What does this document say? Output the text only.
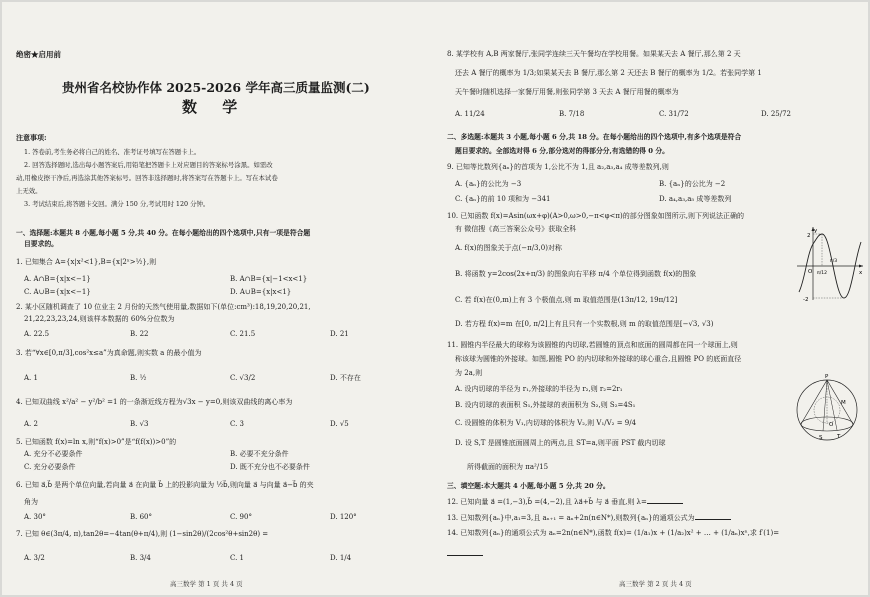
绝密★启用前
贵州省名校协作体 2025-2026 学年高三质量监测(二)
数 学
注意事项:
1. 答卷前,考生务必将自己的姓名、准考证号填写在答题卡上。
2. 回答选择题时,选出每小题答案后,用铅笔把答题卡上对应题目的答案标号涂黑。如需改
动,用橡皮擦干净后,再选涂其他答案标号。回答非选择题时,将答案写在答题卡上。写在本试卷
上无效。
3. 考试结束后,将答题卡交回。满分 150 分,考试用时 120 分钟。
一、选择题:本题共 8 小题,每小题 5 分,共 40 分。在每小题给出的四个选项中,只有一项是符合题
目要求的。
1. 已知集合 A={x|x²<1},B={x|2ˣ>½},则
A. A∩B={x|x<−1}	B. A∩B={x|−1<x<1}
C. A∪B={x|x<−1}	D. A∪B={x|x<1}
2. 某小区随机调查了 10 位业主 2 月份的天然气使用量,数据如下(单位:cm³):18,19,20,20,21,
21,22,23,23,24,则该样本数据的 60%分位数为
A. 22.5	B. 22	C. 21.5	D. 21
3. 若“∀x∈[0,π/3],cos²x≤a”为真命题,则实数 a 的最小值为
A. 1	B. ½	C. √3/2	D. 不存在
4. 已知双曲线 x²/a² − y²/b² =1 的一条渐近线方程为√3x − y=0,则该双曲线的离心率为
A. 2	B. √3	C. 3	D. √5
5. 已知函数 f(x)=ln x,则“f(x)>0”是“f(f(x))>0”的
A. 充分不必要条件	B. 必要不充分条件
C. 充分必要条件	D. 既不充分也不必要条件
6. 已知 a⃗,b⃗ 是两个单位向量,若向量 a⃗ 在向量 b⃗ 上的投影向量为 ½b⃗,则向量 a⃗ 与向量 a⃗−b⃗ 的夹
角为
A. 30°	B. 60°	C. 90°	D. 120°
7. 已知 θ∈(3π/4, π),tan2θ=−4tan(θ+π/4),则 (1−sin2θ)/(2cos²θ+sin2θ) =
A. 3/2	B. 3/4	C. 1	D. 1/4
高三数学 第 1 页 共 4 页
8. 某学校有 A,B 两家餐厅,张同学连续三天午餐均在学校用餐。如果某天去 A 餐厅,那么第 2 天
还去 A 餐厅的概率为 1/3;如果某天去 B 餐厅,那么第 2 天还去 B 餐厅的概率为 1/2。若张同学第 1
天午餐时随机选择一家餐厅用餐,则张同学第 3 天去 A 餐厅用餐的概率为
A. 11/24	B. 7/18	C. 31/72	D. 25/72
二、多选题:本题共 3 小题,每小题 6 分,共 18 分。在每小题给出的四个选项中,有多个选项是符合
题目要求的。全部选对得 6 分,部分选对的得部分分,有选错的得 0 分。
9. 已知等比数列{aₙ}的首项为 1,公比不为 1,且 a₂,a₃,a₄ 成等差数列,则
A. {aₙ}的公比为 −3	B. {aₙ}的公比为 −2
C. {aₙ}的前 10 项和为 −341	D. a₄,a₃,a₅ 成等差数列
10. 已知函数 f(x)=Asin(ωx+φ)(A>0,ω>0,−π<φ<π)的部分图象如图所示,则下列说法正确的
有 微信搜《高三答案公众号》获取全科
A. f(x)的图象关于点(−π/3,0)对称
B. 将函数 y=2cos(2x+π/3) 的图象向右平移 π/4 个单位得到函数 f(x)的图象
C. 若 f(x)在(0,m)上有 3 个极值点,则 m 取值范围是(13π/12, 19π/12]
D. 若方程 f(x)=m 在[0, π/2]上有且只有一个实数根,则 m 的取值范围是[−√3, √3)
y
x
2
-2
O π/12
π/3
11. 圆锥内半径最大的球称为该圆锥的内切球,若圆锥的顶点和底面的圆周都在同一个球面上,则
称该球为圆锥的外接球。如图,圆锥 PO 的内切球和外接球的球心重合,且圆锥 PO 的底面直径
为 2a,则
A. 设内切球的半径为 r₁,外接球的半径为 r₂,则 r₂=2r₁
B. 设内切球的表面积 S₁,外接球的表面积为 S₂,则 S₂=4S₁
C. 设圆锥的体积为 V₁,内切球的体积为 V₂,则 V₁/V₂ = 9/4
D. 设 S,T 是圆锥底面圆周上的两点,且 ST=a,则平面 PST 截内切球
所得截面的面积为 πa²/15
P
M
O
S	T
三、填空题:本大题共 4 小题,每小题 5 分,共 20 分。
12. 已知向量 a⃗ =(1,−3),b⃗ =(4,−2),且 λa⃗+b⃗ 与 a⃗ 垂直,则 λ=
13. 已知数列{aₙ}中,a₁=3,且 aₙ₊₁ = aₙ+2n(n∈N*),则数列{aₙ}的通项公式为
14. 已知数列{aₙ}的通项公式为 aₙ=2n(n∈N*),函数 f(x)= (1/a₁)x + (1/a₂)x² + … + (1/aₙ)xⁿ,求 f′(1)=
高三数学 第 2 页 共 4 页
